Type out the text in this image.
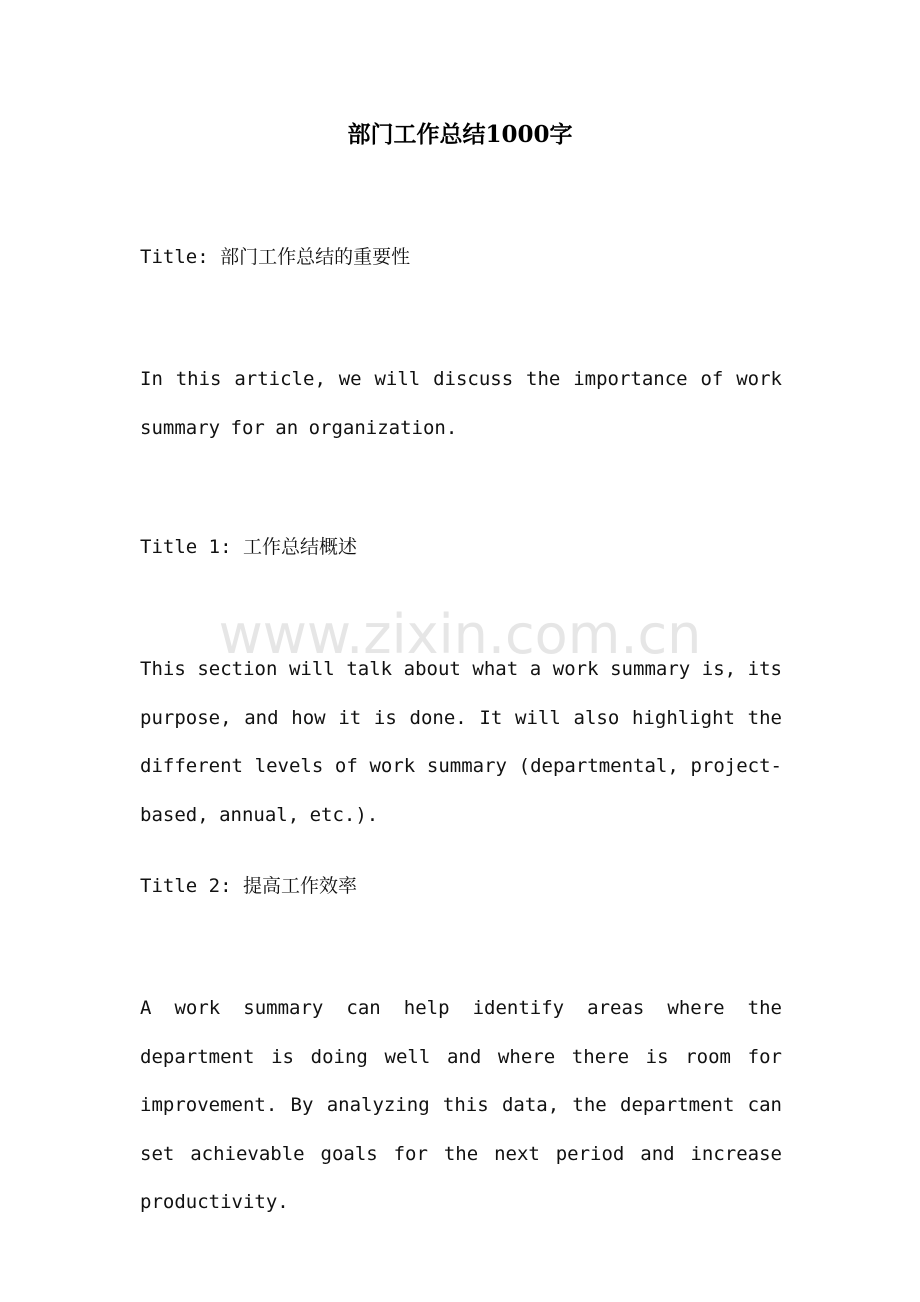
部门工作总结1000字
Title: 部门工作总结的重要性

In this article, we will discuss the importance of work summary for an organization.

Title 1: 工作总结概述
www.zixin.com.cn

This section will talk about what a work summary is, its purpose, and how it is done. It will also highlight the different levels of work summary (departmental, project-based, annual, etc.).

Title 2: 提高工作效率

A work summary can help identify areas where the department is doing well and where there is room for improvement. By analyzing this data, the department can set achievable goals for the next period and increase productivity.
